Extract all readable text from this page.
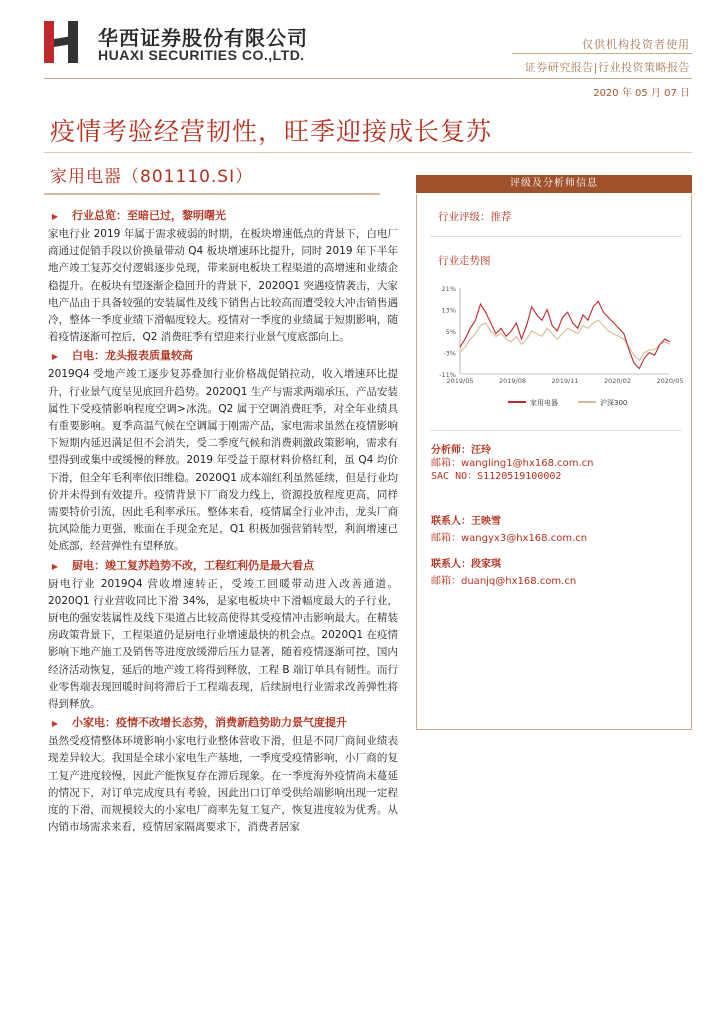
华西证券股份有限公司
HUAXI SECURITIES CO.,LTD.
仅供机构投资者使用
证券研究报告|行业投资策略报告
2020 年 05 月 07 日
疫情考验经营韧性，旺季迎接成长复苏
家用电器（801110.SI）
▶ 行业总览：至暗已过，黎明曙光

家电行业 2019 年属于需求疲弱的时期，在板块增速低点的背景下，白电厂商通过促销手段以价换量带动 Q4 板块增速环比提升，同时 2019 年下半年地产竣工复苏交付逻辑逐步兑现，带来厨电板块工程渠道的高增速和业绩企稳提升。在板块有望逐渐企稳回升的背景下，2020Q1 突遇疫情袭击，大家电产品由于具备较强的安装属性及线下销售占比较高而遭受较大冲击销售遇冷，整体一季度业绩下滑幅度较大。疫情对一季度的业绩属于短期影响，随着疫情逐渐可控后，Q2 消费旺季有望迎来行业景气度底部向上。

▶ 白电：龙头报表质量较高

2019Q4 受地产竣工逐步复苏叠加行业价格战促销拉动，收入增速环比提升，行业景气度呈见底回升趋势。2020Q1 生产与需求两端承压，产品安装属性下受疫情影响程度空调>冰洗。Q2 属于空调消费旺季，对全年业绩具有重要影响。夏季高温气候在空调属于刚需产品，家电需求虽然在疫情影响下短期内延迟满足但不会消失，受二季度气候和消费刺激政策影响，需求有望得到或集中或缓慢的释放。2019 年受益于原材料价格红利，虽 Q4 均价下滑，但全年毛利率依旧维稳。2020Q1 成本端红利虽然延续，但是行业均价并未得到有效提升。疫情背景下厂商发力线上，资源投放程度更高，同样需要特价引流，因此毛利率承压。整体来看，疫情属全行业冲击，龙头厂商抗风险能力更强，账面在手现金充足，Q1 积极加强营销转型，利润增速已处底部，经营弹性有望释放。

▶ 厨电：竣工复苏趋势不改，工程红利仍是最大看点

厨电行业 2019Q4 营收增速转正，受竣工回暖带动进入改善通道。2020Q1 行业营收同比下滑 34%，是家电板块中下滑幅度最大的子行业，厨电的强安装属性及线下渠道占比较高使得其受疫情冲击影响最大。在精装房政策背景下，工程渠道仍是厨电行业增速最快的机会点。2020Q1 在疫情影响下地产施工及销售等进度放缓滞后压力显著，随着疫情逐渐可控，国内经济活动恢复，延后的地产竣工将得到释放，工程 B 端订单具有韧性。而行业零售端表现回暖时间将滞后于工程端表现，后续厨电行业需求改善弹性将得到释放。

▶ 小家电：疫情不改增长态势，消费新趋势助力景气度提升

虽然受疫情整体环境影响小家电行业整体营收下滑，但是不同厂商间业绩表现差异较大。我国是全球小家电生产基地，一季度受疫情影响，小厂商的复工复产进度较慢，因此产能恢复存在滞后现象。在一季度海外疫情尚未蔓延的情况下，对订单完成度具有考验，因此出口订单受供给端影响出现一定程度的下滑，而规模较大的小家电厂商率先复工复产，恢复进度较为优秀。从内销市场需求来看，疫情居家隔离要求下，消费者居家

评级及分析师信息
行业评级：推荐
行业走势图
21%
13%
5%
-3%
-11%
2019/05	2019/08	2019/11	2020/02	2020/05
家用电器	沪深300
分析师：汪玲
邮箱：wangling1@hx168.com.cn
SAC NO：S1120519100002
联系人：王映雪
邮箱：wangyx3@hx168.com.cn
联系人：段家琪
邮箱：duanjq@hx168.com.cn
